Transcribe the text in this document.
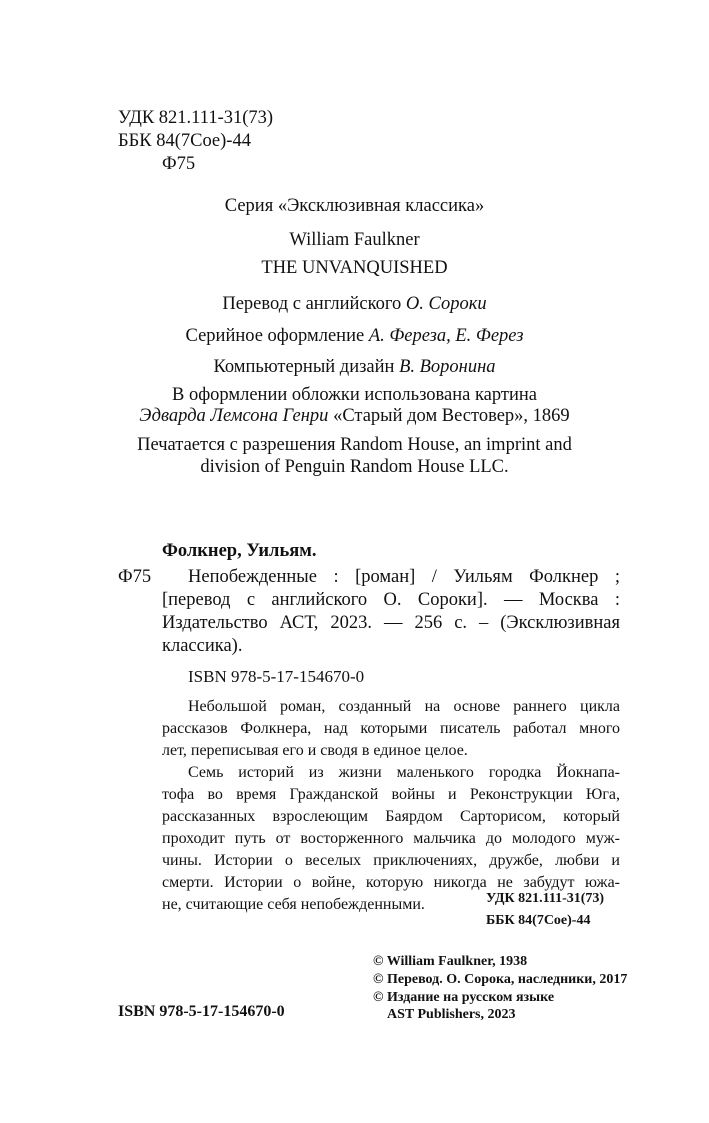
УДК 821.111-31(73)
ББК 84(7Сое)-44
Ф75
Серия «Эксклюзивная классика»
William Faulkner
THE UNVANQUISHED
Перевод с английского О. Сороки
Серийное оформление А. Фереза, Е. Ферез
Компьютерный дизайн В. Воронина
В оформлении обложки использована картина
Эдварда Лемсона Генри «Старый дом Вестовер», 1869
Печатается с разрешения Random House, an imprint and
division of Penguin Random House LLC.
Фолкнер, Уильям.
Ф75 Непобежденные : [роман] / Уильям Фолкнер ;
[перевод с английского О. Сороки]. — Москва :
Издательство АСТ, 2023. — 256 с. – (Эксклюзивная
классика).
ISBN 978-5-17-154670-0
Небольшой роман, созданный на основе раннего цикла
рассказов Фолкнера, над которыми писатель работал много
лет, переписывая его и сводя в единое целое.
Семь историй из жизни маленького городка Йокнапа-
тофа во время Гражданской войны и Реконструкции Юга,
рассказанных взрослеющим Баярдом Сарторисом, который
проходит путь от восторженного мальчика до молодого муж-
чины. Истории о веселых приключениях, дружбе, любви и
смерти. Истории о войне, которую никогда не забудут южа-
не, считающие себя непобежденными.	УДК 821.111-31(73)
ББК 84(7Сое)-44
© William Faulkner, 1938
© Перевод. О. Сорока, наследники, 2017
© Издание на русском языке
AST Publishers, 2023
ISBN 978-5-17-154670-0
